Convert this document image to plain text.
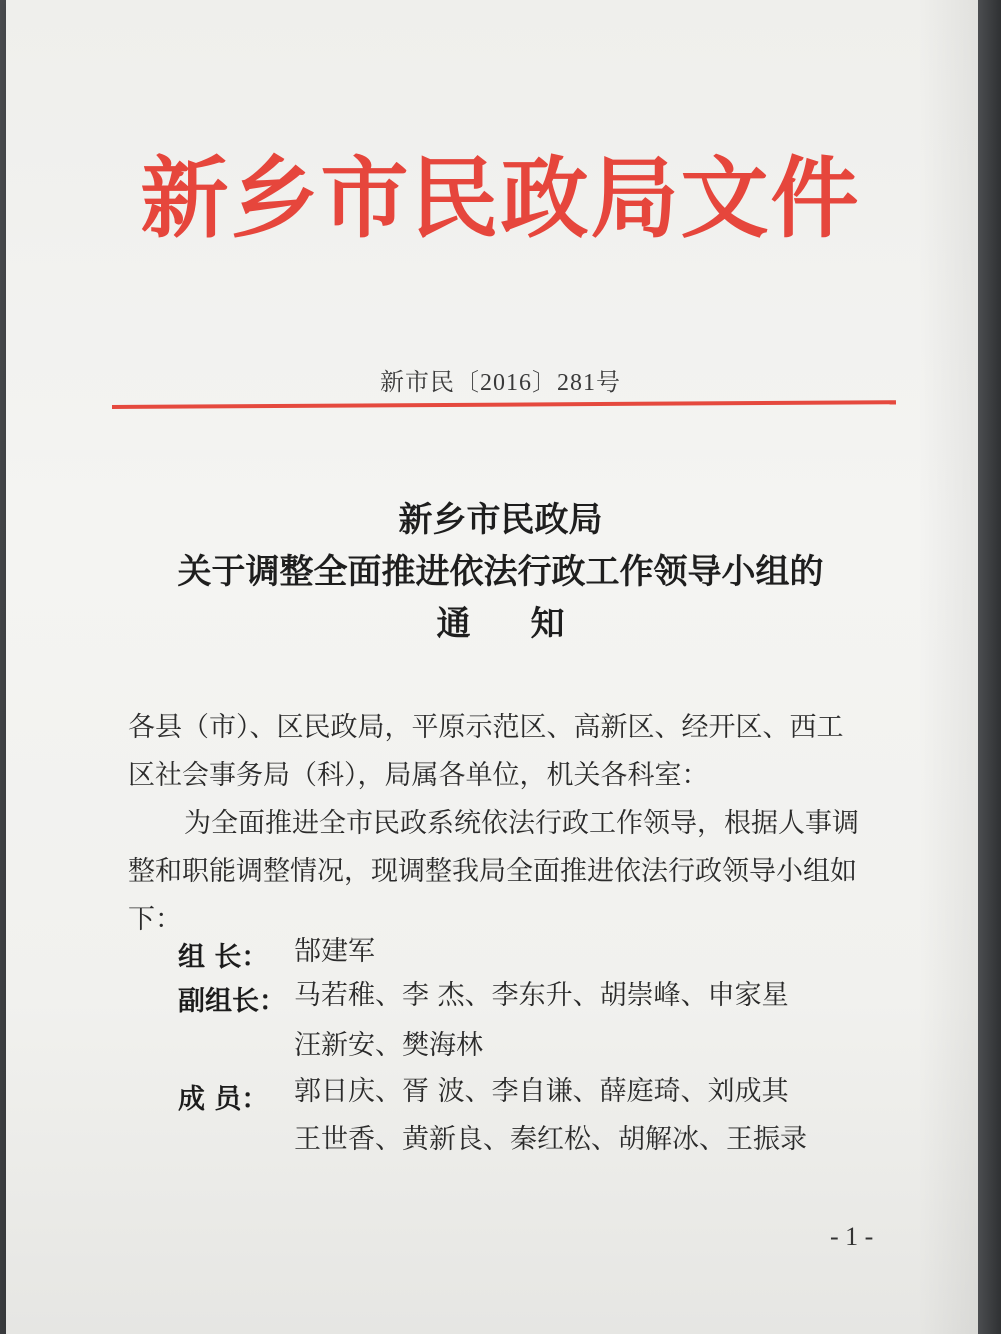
新乡市民政局文件
新市民〔2016〕281号
新乡市民政局
关于调整全面推进依法行政工作领导小组的
通知
各县（市）、区民政局，平原示范区、高新区、经开区、西工
区社会事务局（科），局属各单位，机关各科室：
为全面推进全市民政系统依法行政工作领导，根据人事调
整和职能调整情况，现调整我局全面推进依法行政领导小组如
下：
组 长： 郜建军
副组长： 马若稚、李 杰、李东升、胡崇峰、申家星
汪新安、樊海林
成 员： 郭日庆、胥 波、李自谦、薛庭琦、刘成其
王世香、黄新良、秦红松、胡解冰、王振录
- 1 -
